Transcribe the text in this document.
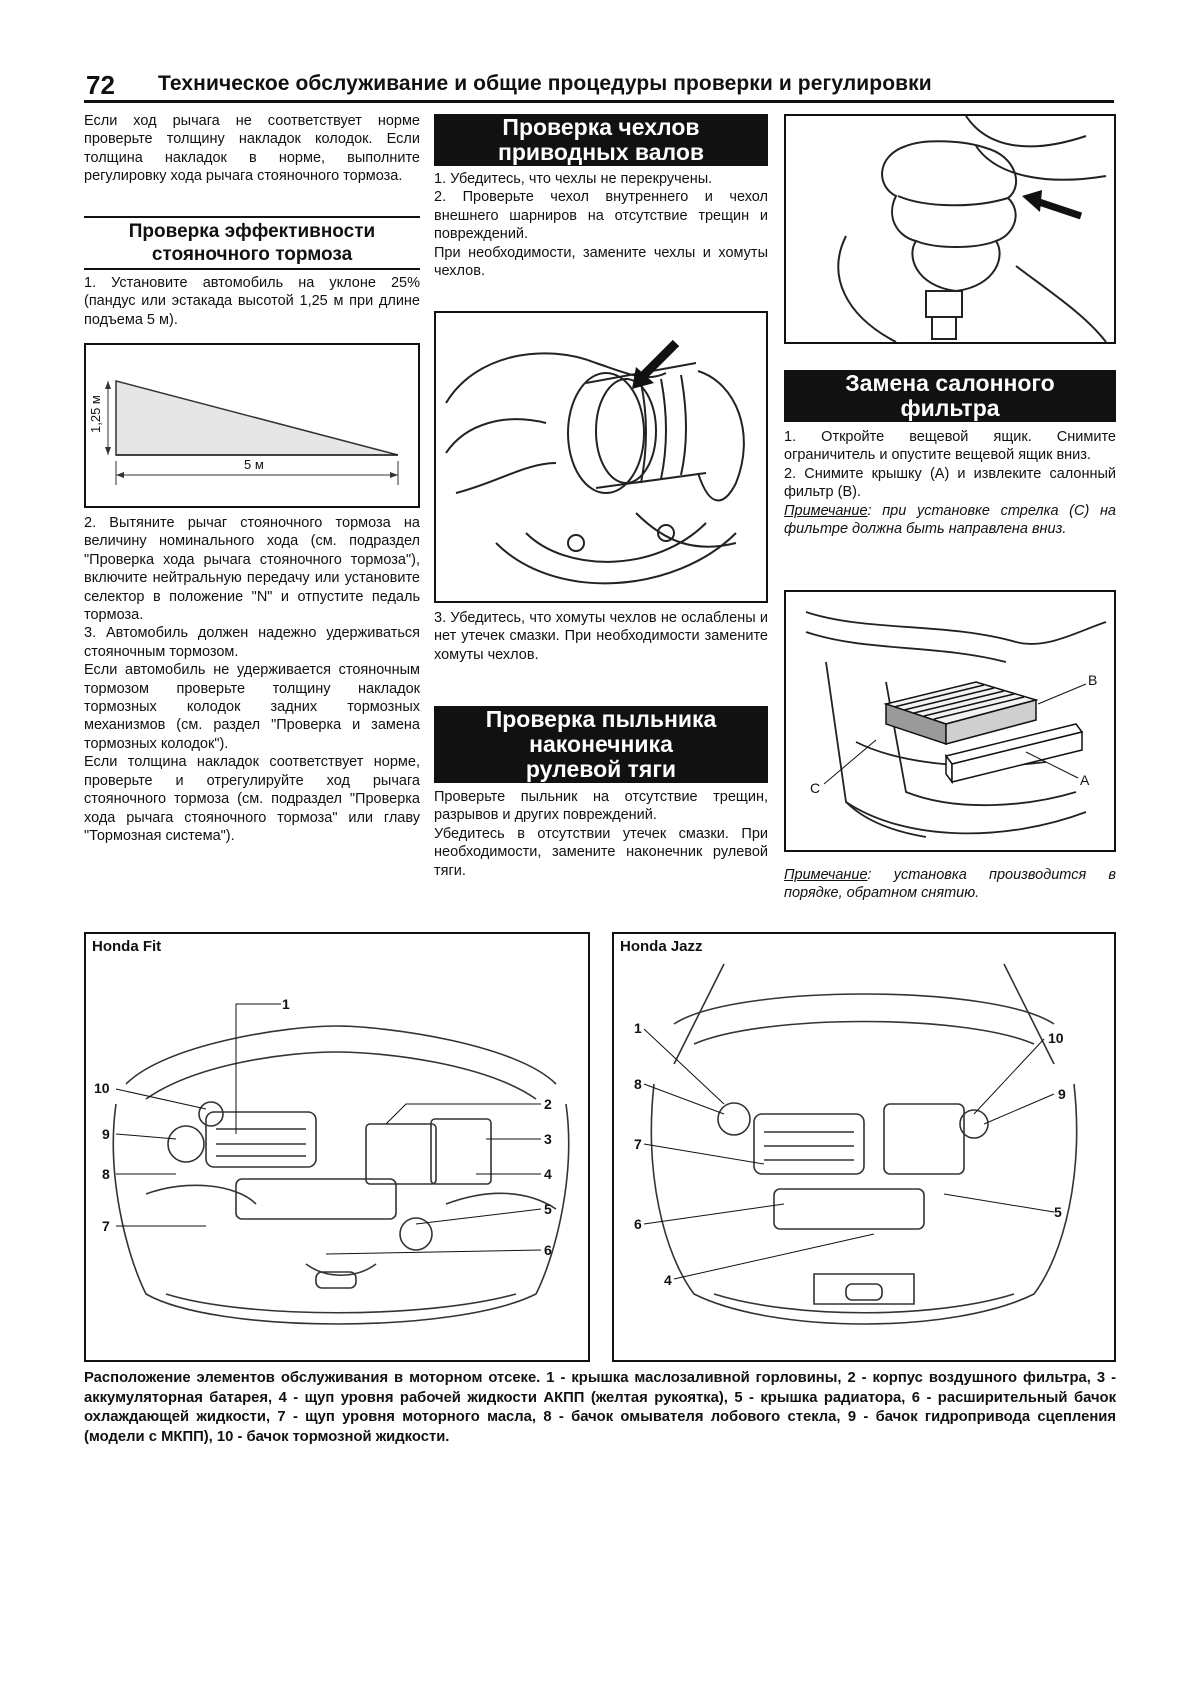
72 Техническое обслуживание и общие процедуры проверки и регулировки

Если ход рычага не соответствует норме проверьте толщину накладок колодок. Если толщина накладок в норме, выполните регулировку хода рычага стояночного тормоза.

Проверка эффективности
стояночного тормоза

1. Установите автомобиль на уклоне 25% (пандус или эстакада высотой 1,25 м при длине подъема 5 м).

1,25 м
5 м

2. Вытяните рычаг стояночного тормоза на величину номинального хода (см. подраздел "Проверка хода рычага стояночного тормоза"), включите нейтральную передачу или установите селектор в положение "N" и отпустите педаль тормоза.

3. Автомобиль должен надежно удерживаться стояночным тормозом.

Если автомобиль не удерживается стояночным тормозом проверьте толщину накладок тормозных колодок задних тормозных механизмов (см. раздел "Проверка и замена тормозных колодок").

Если толщина накладок соответствует норме, проверьте и отрегулируйте ход рычага стояночного тормоза (см. подраздел "Проверка хода рычага стояночного тормоза" или главу "Тормозная система").

Проверка чехлов
приводных валов

1. Убедитесь, что чехлы не перекручены.

2. Проверьте чехол внутреннего и чехол внешнего шарниров на отсутствие трещин и повреждений.

При необходимости, замените чехлы и хомуты чехлов.

3. Убедитесь, что хомуты чехлов не ослаблены и нет утечек смазки. При необходимости замените хомуты чехлов.

Проверка пыльника
наконечника
рулевой тяги

Проверьте пыльник на отсутствие трещин, разрывов и других повреждений.

Убедитесь в отсутствии утечек смазки. При необходимости, замените наконечник рулевой тяги.

Замена салонного
фильтра

1. Откройте вещевой ящик. Снимите ограничитель и опустите вещевой ящик вниз.

2. Снимите крышку (А) и извлеките салонный фильтр (В).

Примечание: при установке стрелка (С) на фильтре должна быть направлена вниз.

B
A
C

Примечание: установка производится в порядке, обратном снятию.

Honda Fit
1
2
3
4
5
6
7
8
9
10
Honda Jazz
1
4
5
6
7
8
9
10
Расположение элементов обслуживания в моторном отсеке. 1 - крышка маслозаливной горловины, 2 - корпус воздушного фильтра, 3 - аккумуляторная батарея, 4 - щуп уровня рабочей жидкости АКПП (желтая рукоятка), 5 - крышка радиатора, 6 - расширительный бачок охлаждающей жидкости, 7 - щуп уровня моторного масла, 8 - бачок омывателя лобового стекла, 9 - бачок гидропривода сцепления (модели с МКПП), 10 - бачок тормозной жидкости.
